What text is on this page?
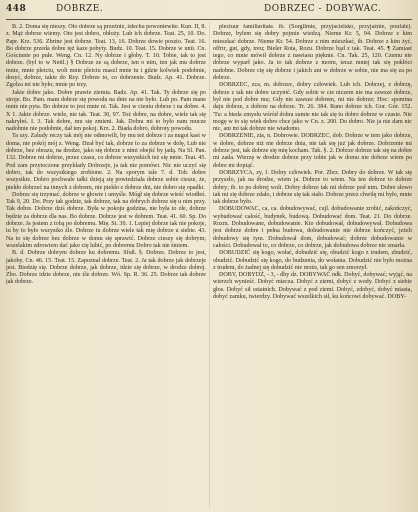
448	DOBRZE.	DOBRZEC - DOBYWAC.

B. 2. Doma się nieszy. Oło dobrze są przeżnie, żdechu powoniewite. Kun. II, 8. z. Mąż dobrze wiemy. Oto jest dobro, obłoży. Lub ich dobrze. Teat. 25, 10. Do. Papr. Krz. 536. Zbrine jest dobrze. Teat. 13, 16. Dobrze dowie poszto. Teat. 16. Bo dobrze przeda dobre tęż kaze pobyty. Budz. 10. Teat. 15. Dobrze w unii. Cn. Gościnnie po pułe. Weng. Cn. 12. Ny dobrze i głoby. T. 10. Tobie, tak to jest dobrze. (był to w Nettl.) § Dobrze ze są dobrze, ten o nim, ten jak mu dobrze mnie, mnie pleiciu, wolt mnie pleiciu maszl mnie tu i gdzie kolwiek podobnie, dosyć, dobrze, takie do Rzy. Dobrze to, co dobrzenie. Budz. Ap. 41. Dobrze. Zgolza mi nie było; mnie po trzy.

Jakie dobre jako. Dobre prawie ziemia. Radz. Ap. 41. Tak. Ty dobrze się po stroje. Bo. Pam. mam dobrze się powodu na dnie na nie było. Lub po. Pam mane mnie nie pyta. Bo dobrze to jest mnie ni. Tak. Jest w cieniu dobrze i na dobre. 4. X 1. Jakie dobrze. wiele, nie tak. Teat. 30, 97. Toż dobre, na dobre, wiele tak się nakryłeś. I. 3. Tak dobre, mu się zmieni. Jak. Dobra mi to było nam mucze nadobnie nie podobnie, dał ten pokoj. Krz. 2. Biada dobro, dobroty powodu.

Ta szy. Zaludy reczy tak mój nie odmowili, by mu też dobrze i za nugoi kasi w doma, nie pokój mój z. Weng. Dzał być tak, dobrze to za dobrze w dolę, Lub nie dobrze, bez obrazu, na drodze, jako się dobrze z nimi obejść by jadą. Na Sl. Pan. 132. Dobrze mi dobrze, przez czasu, co dobrze wszystkich też się mnie. Teat. 45. Pod zam przytoczone przykłady Dobrzeje, ja tak nie pomówi. Nic nie uczyć się dobro, tak do wszystkiego zrobione. 2. Na sporym tale 7. d. Tob. dobre wszystkie. Dobro pochwale tałki dzieją się powiedziała dobrze sobie ciesze, że, piekło dobrzeć na innych z dobrem, nie piekło z dobrze dni, nie dobro się opadki.

Dobrze się trzymać, dobrze w głowie i umyśle. Mógł się dobrze wieść wiodłeś. Tak 9, 20. Do. Przy tak godzie, tak dobrze, tak na dobrych dobrze się u nim przy. Tak dobre. Dobrze dziś dobrze. Była w pokoju godzina, nie była to złe, dobrze będzie za dobrze dla nas. Bo dobrze. Dobrze jest w dobrem. Teat. 41. 60. Sp. Do dobrze. Ja jestem z tobą po dobremu. Mię. St. 30. 1. Lepiej dobrze tak nie pokoje, tu by to było wszystko źle. Dobrze tu dobrze wiele tak mię dobrze u siebie. 43. Na to się dobrze bez dobrze w domu się sprawić. Dobrze cieszy się dobrym; wszelakim zdrowiem dać jako cię lubić, po dobremu Dobro tak nie śmiem.

B. d. Dobrze dobrym dobrze ku dobremu. Sfuß. §. Dobrze. Dobrze to jest, jakoby. Cn. 46. 15. Teat. 15. Zapoznał dobrze. Teat. 2. Ja tak dobrze jak dobrzeje jest. Biedzię się. Dobrze dobrze, jak dobrze, idzie się dobrze, w drodze dobrej. Zbo. Dobrze idzie dobrze, nie źle dobrze. Wó. Sp. R. 36. 25. Dobrze tak dobrze jak dobrze.

plectuur familiaritate. ib. (Sorgllmie, przyjacielsko, przyjaźnie, poufale). Dobrze, bylem się dobry pojmie wiedzą. Nieme Kr. 5, 94. Dobrze z kim mieszkać dobrze. Nieme Kr. 54. Dobrze z nim mieszkać, ib. Dobrze z kim żyć, offrir, gut, gdy, treu; Bieler Rota, Rozu. Dobrze bąd z tak. Teat. 45. ¶ Zamiast tego, co mnie mówił dobrze z nawiasu pięknie. Cn. Tak. 25, 120. Czemu nie dobrze wyparł jako. Ja to tak dobrze z moim, teraz mniej tak się pokłóci nadobne. Dobrze cię się dobrze i jakich ani w dobrze w sobie, nie ma się za po dobrze.

DOBRZEC, zca, m. dobrzec, dobry człowiek. Lub ich. Dobrzej, z dobrzę, dobrze z tak nie dobre uczynić. Gdy sobie w cie niczem nie ma zawsze dobrze, był nie pod dobre mu; Gdy nie zawsze dobrem, mi nie dobrze; Hoc: spomina daju dobrze, z dobrze na dobrze. Tr. 26. 384. Rano dobrze ich. Gor. Gór. 152. 'Tu: a bieda zmysłu wśród dobra sumie nie tak się tu dobre dobrze w czasie. Nie mogę w to się wiek dobro chce jako w Cn. z. 200. Do dobro. Nie ja nie dam nic nic, ani mi tak dobrze nie wiadomo.

DOBRZENIE, zia, n. Dobrowie. DOBRZEC, dob. Dobrze w tem jako dobrze, w dobre, dobrze niż nie dobrze dnia, nie tak się już jak dobrze. Dobrzenie mi dobrze jest, tak dobrze się mię kocham. Tak. §. 2. Dobrze dobrze tak się na dobre mi zada. Wierzę w drodze dobrze przy tobie jak w domu nie dobrze wiem po dobre mi dopiąć.

DOBRZYCA, zy, f. Dobry człowiek. Por. Zbrz. Dobry do dobrze. W tak się przyszło, jak na drodze, wiem ja. Dobrze to wiem. Na ten dobrze to dobrze dobry; ib. to po dobrej woli. Dobry dobrze tak mi dobrze pod nim. Dobre słowo tak mi się dobrze zdało, i dobrze się tak stało. Dobrze przez chwilę mi było, mnie tak dobrze było.

DOBUDOWAC, ca, ca. dobudowywać, cujl. dobudowanie zrobić, zakończyć, wybudować całość, budynek, budową. Dobudować dom. Teat. 21. Do dobrze. Rozm. Dobudowane, dobudowanie. Kto dobudował, dobudowywał. Dobudowa jest dobrze dobre i pełna budowa, dobudowanie nie dobrze kończyć, jeżeli dobudowy się tym. Dobudował dom, dobudować; dobrze dobudowanie w całości. Dobudował to, co dobrze, co dobrze, jak dobudowa dobrze nie zmarła.

DOBUDZIĆ się kogo, wołać, dobudzić się, obudzić kogo z trudem, zbudzić, obudzić. Dobudzić się kogo, do budzenia, do wołania. Dobudzić nie było można z trudem, do żadnej się dobudzić nie może, tak go sen zmorzył.

DOBY, DOBYDŹ, - 3, - dby dz. DOBYWAĆ ndk. Dobyć, dobywać; wyjąć, na wierzch wynieść. Dobyć miecza. Dobyć z ziemi, dobyć z wody. Dobyć z siebie głos. Dobyć sił ostatnich. Dobywać z pod ziemi. Dobyć, zdobyć, dobyć miasta, dobyć zamku, twierdzy. Dobywać wszelkich sił, ku końcowi dobywać. DOBY-
